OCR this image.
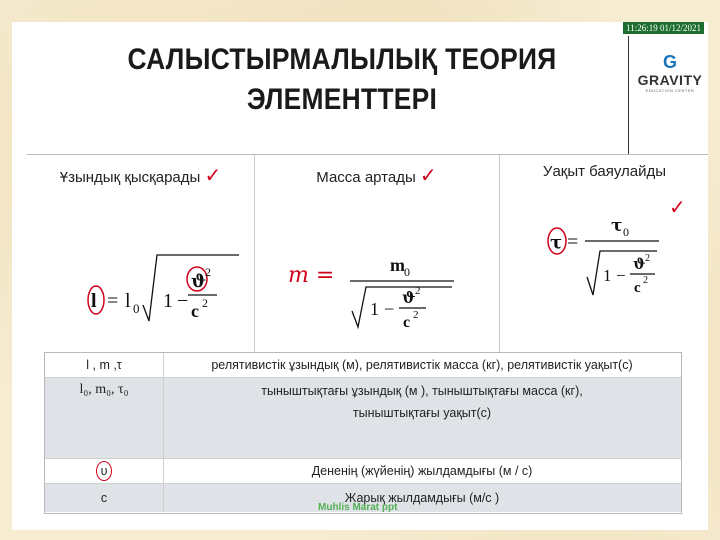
11:26:19 01/12/2021
САЛЫСТЫРМАЛЫЛЫҚ ТЕОРИЯ
ЭЛЕМЕНТТЕРІ
G
GRAVITY
EDUCATION CENTER
Ұзындық қысқарады ✓
l = l 0 1 −
ϑ
2
c 2
Масса артады ✓
m =	m 0
1 −
ϑ 2
c 2
Уақыт баяулайды
✓
τ =
τ 0
1 −
ϑ 2
c 2
l , m ,τ	релятивистік ұзындық (м), релятивистік масса (кг), релятивистік уақыт(с)
l₀, m₀, τ₀	тыныштықтағы ұзындық (м ), тыныштықтағы масса (кг),
тыныштықтағы уақыт(с)
υ	Дененің (жүйенің) жылдамдығы (м / с)
c	Жарық жылдамдығы (м/с )
Muhlis Marat ppt
